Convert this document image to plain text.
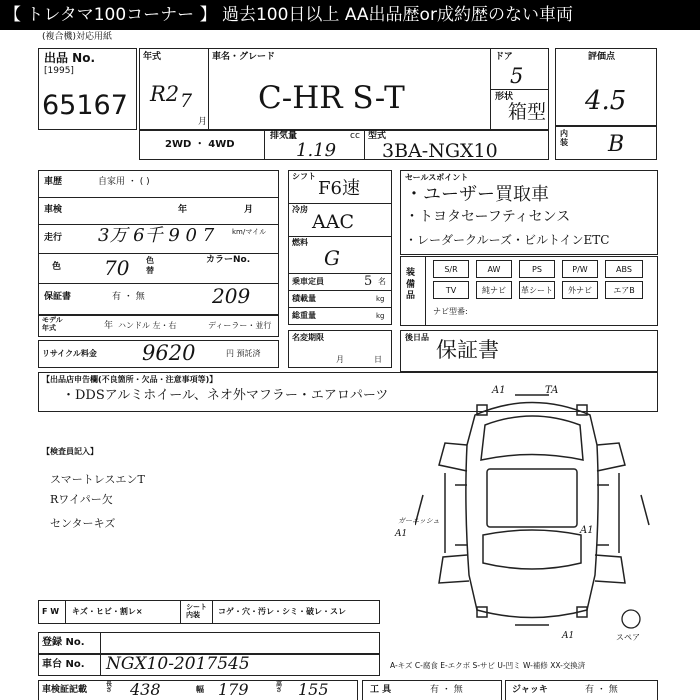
【 トレタマ100コーナー 】 過去100日以上 AA出品歴or成約歴のない車両
(複合機)対応用紙
出品 No.
[1995]
65167
年式
R2 7
月
車名・グレード
C-HR S-T
ドア
5
形状
箱型
評価点
4.5
内装 B
2WD ・ 4WD
排気量	cc
1.19
型式
3BA-NGX10
車歴	自家用 ・ ( )
車検	年	月
走行 3万 6千 9 0 7	km/マイル
色 70 色替
カラーNo.
保証書	有 ・ 無	209
モデル年式	年 ハンドル 左・右	ディーラー・並行
リサイクル料金 9620	円 預託済
シフト
F6速
冷房
AAC
燃料
G
乗車定員	5 名
積載量	kg
総重量	kg
名変期限
月	日
セールスポイント
・ユーザー買取車
・トヨタセーフティセンス
・レーダークルーズ・ビルトインETC
装備品
S/R	AW	PS	P/W	ABS
TV	純ナビ	革シート	外ナビ	エアB
ナビ型番:
後日品
保証書
【出品店申告欄(不良箇所・欠品・注意事項等)】
・DDSアルミホイール、ネオ外マフラー・エアロパーツ
【検査員記入】
スマートレスエンT
Rワイパー欠
センターキズ
A1	TA
A1
ガーニッシュ
A1
A1	スペア
F W キズ・ヒビ・割レ×	シート内装	コゲ・穴・汚レ・シミ・破レ・スレ
登録 No.
車台 No. NGX10-2017545	A-キズ C-腐食 E-エクボ S-サビ U-凹ミ W-補修 XX-交換済
車検証記載
長さ 438	幅 179	高さ 155	工 具	有 ・ 無	ジャッキ	有 ・ 無
